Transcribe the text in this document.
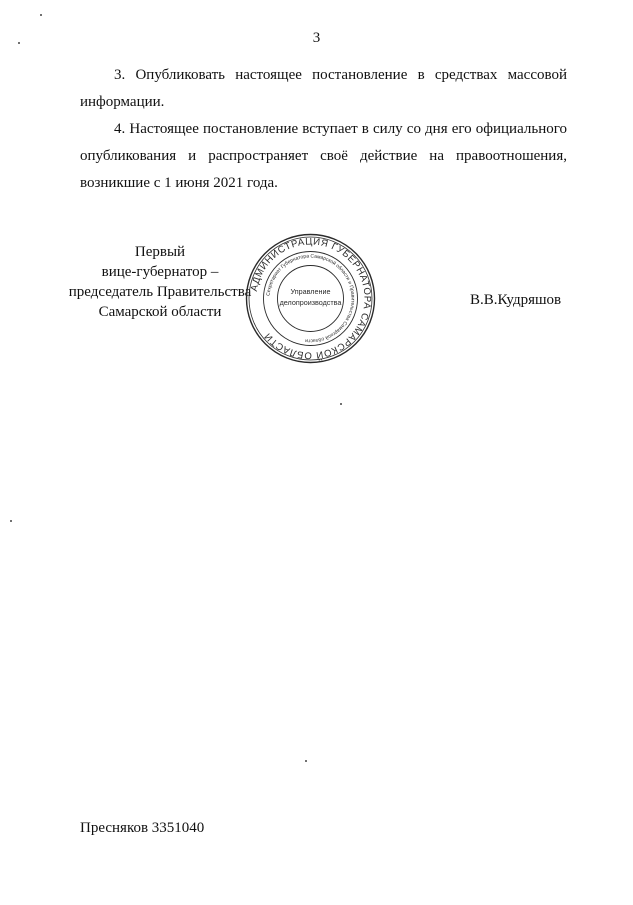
3

3. Опубликовать настоящее постановление в средствах массовой информации.

4. Настоящее постановление вступает в силу со дня его официального опубликования и распространяет своё действие на правоотношения, возникшие с 1 июня 2021 года.

Первый
вице-губернатор –
председатель Правительства
Самарской области
АДМИНИСТРАЦИЯ ГУБЕРНАТОРА САМАРСКОЙ ОБЛАСТИ
Секретариат Губернатора Самарской области и Правительства Самарской области
Управление
делопроизводства	В.В.Кудряшов
Пресняков 3351040
